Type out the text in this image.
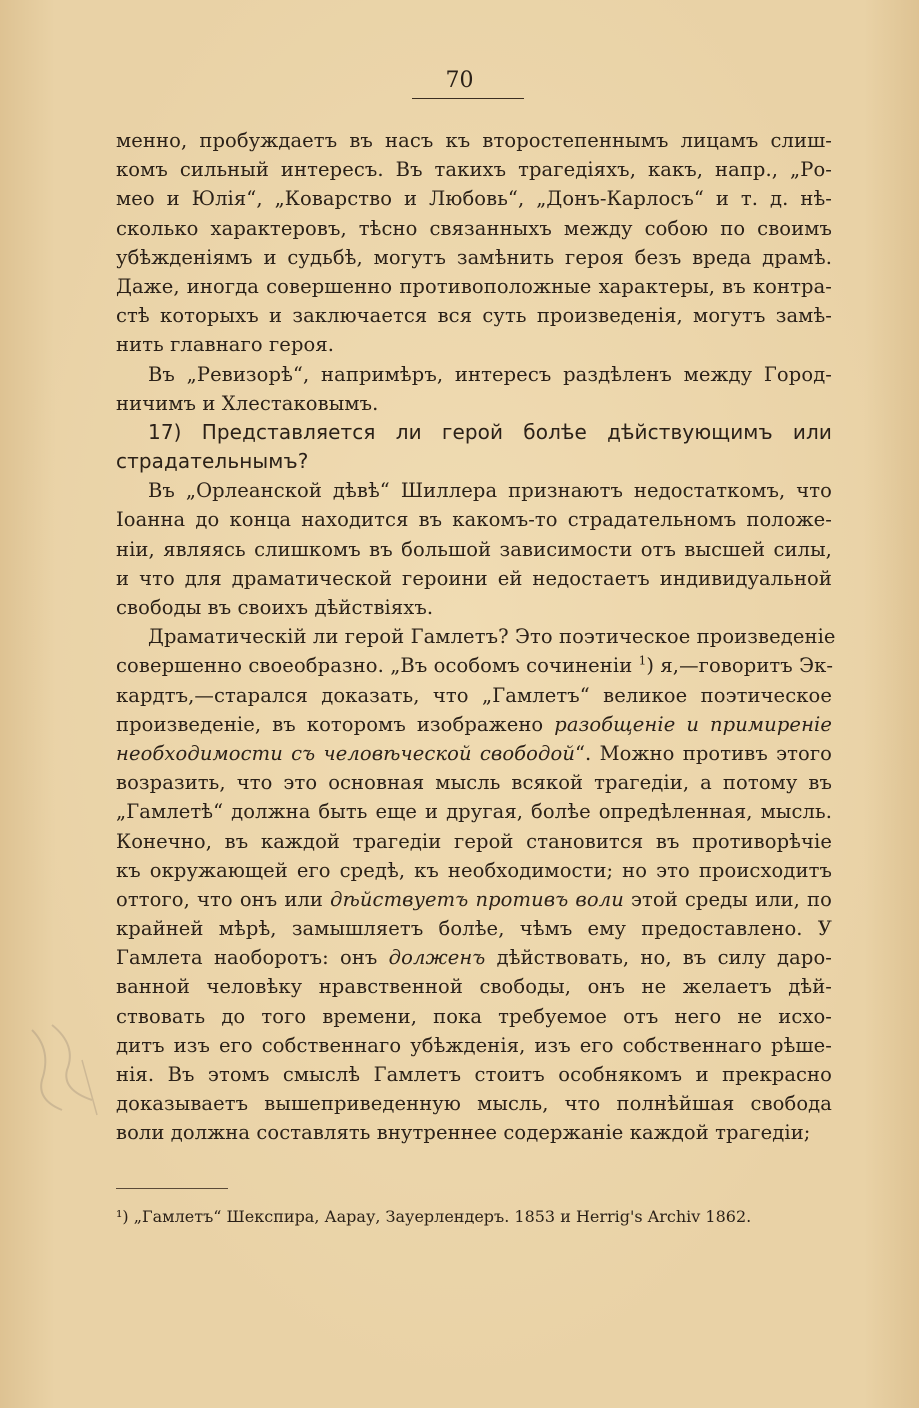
70
менно, пробуждаетъ въ насъ къ второстепеннымъ лицамъ слиш-
комъ сильный интересъ. Въ такихъ трагедіяхъ, какъ, напр., „Ро-
мео и Юлія“, „Коварство и Любовь“, „Донъ-Карлосъ“ и т. д. нѣ-
сколько характеровъ, тѣсно связанныхъ между собою по своимъ
убѣжденіямъ и судьбѣ, могутъ замѣнить героя безъ вреда драмѣ.
Даже, иногда совершенно противоположные характеры, въ контра-
стѣ которыхъ и заключается вся суть произведенія, могутъ замѣ-
нить главнаго героя.
Въ „Ревизорѣ“, напримѣръ, интересъ раздѣленъ между Город-
ничимъ и Хлестаковымъ.
17) Представляется ли герой болѣе дѣйствующимъ или
страдательнымъ?
Въ „Орлеанской дѣвѣ“ Шиллера признаютъ недостаткомъ, что
Іоанна до конца находится въ какомъ-то страдательномъ положе-
ніи, являясь слишкомъ въ большой зависимости отъ высшей силы,
и что для драматической героини ей недостаетъ индивидуальной
свободы въ своихъ дѣйствіяхъ.
Драматическій ли герой Гамлетъ? Это поэтическое произведеніе
совершенно своеобразно. „Въ особомъ сочиненіи $^1$) я,—говоритъ Эк-
кардтъ,—старался доказать, что „Гамлетъ“ великое поэтическое
произведеніе, въ которомъ изображено разобщеніе и примиреніе
необходимости съ человѣческой свободой“. Можно противъ этого
возразить, что это основная мысль всякой трагедіи, а потому въ
„Гамлетѣ“ должна быть еще и другая, болѣе опредѣленная, мысль.
Конечно, въ каждой трагедіи герой становится въ противорѣчіе
къ окружающей его средѣ, къ необходимости; но это происходитъ
оттого, что онъ или дѣйствуетъ противъ воли этой среды или, по
крайней мѣрѣ, замышляетъ болѣе, чѣмъ ему предоставлено. У
Гамлета наоборотъ: онъ долженъ дѣйствовать, но, въ силу даро-
ванной человѣку нравственной свободы, онъ не желаетъ дѣй-
ствовать до того времени, пока требуемое отъ него не исхо-
дитъ изъ его собственнаго убѣжденія, изъ его собственнаго рѣше-
нія. Въ этомъ смыслѣ Гамлетъ стоитъ особнякомъ и прекрасно
доказываетъ вышеприведенную мысль, что полнѣйшая свобода
воли должна составлять внутреннее содержаніе каждой трагедіи;
¹) „Гамлетъ“ Шекспира, Аарау, Зауерлендеръ. 1853 и Herrig's Archiv 1862.
